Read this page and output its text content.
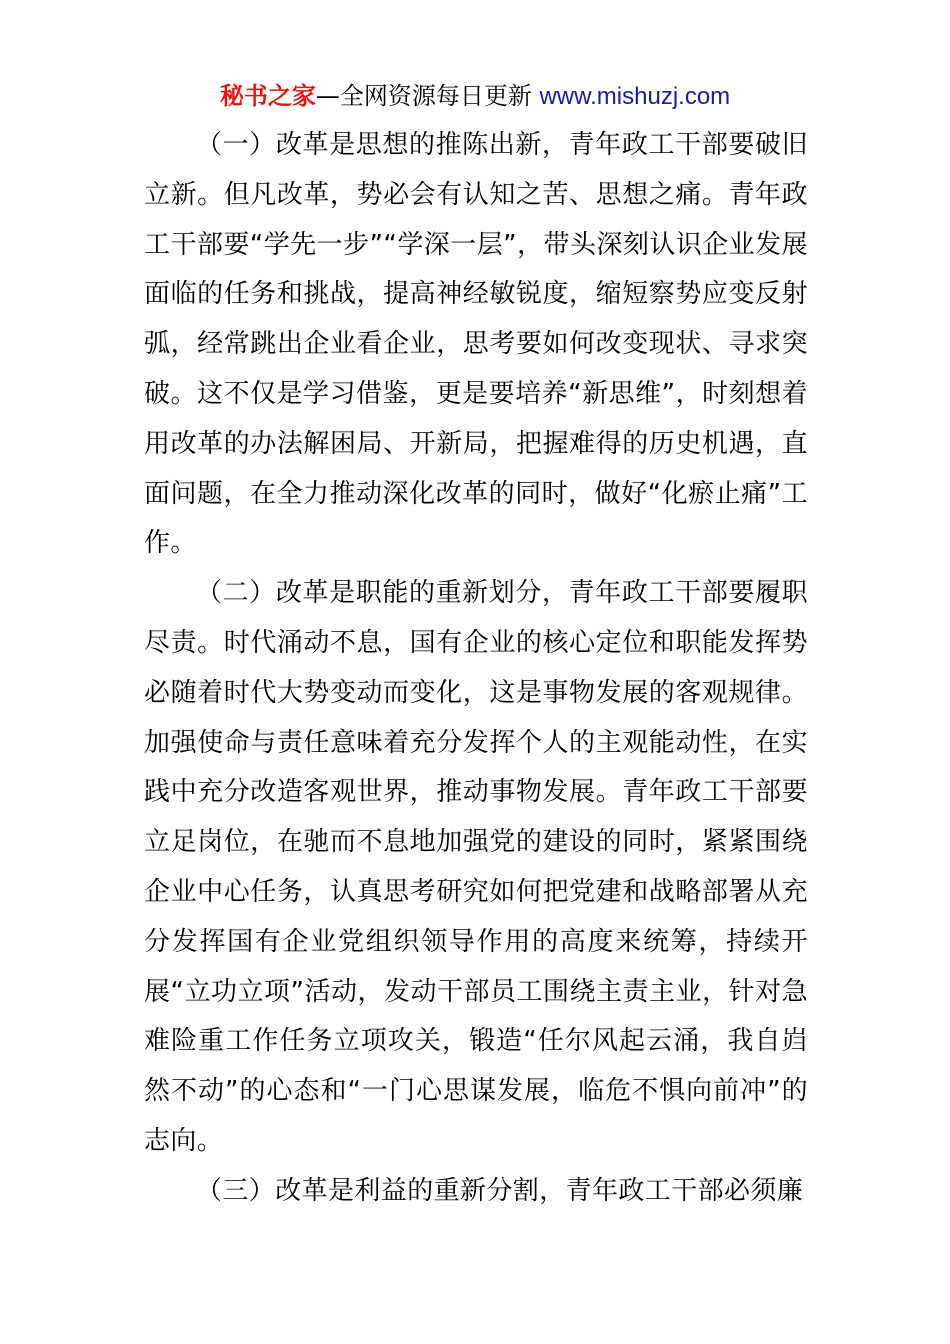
秘书之家—全网资源每日更新 www.mishuzj.com

（一）改革是思想的推陈出新，青年政工干部要破旧立新。但凡改革，势必会有认知之苦、思想之痛。青年政工干部要“学先一步”“学深一层”，带头深刻认识企业发展面临的任务和挑战，提高神经敏锐度，缩短察势应变反射弧，经常跳出企业看企业，思考要如何改变现状、寻求突破。这不仅是学习借鉴，更是要培养“新思维”，时刻想着用改革的办法解困局、开新局，把握难得的历史机遇，直面问题，在全力推动深化改革的同时，做好“化瘀止痛”工作。

（二）改革是职能的重新划分，青年政工干部要履职尽责。时代涌动不息，国有企业的核心定位和职能发挥势必随着时代大势变动而变化，这是事物发展的客观规律。加强使命与责任意味着充分发挥个人的主观能动性，在实践中充分改造客观世界，推动事物发展。青年政工干部要立足岗位，在驰而不息地加强党的建设的同时，紧紧围绕企业中心任务，认真思考研究如何把党建和战略部署从充分发挥国有企业党组织领导作用的高度来统筹，持续开展“立功立项”活动，发动干部员工围绕主责主业，针对急难险重工作任务立项攻关，锻造“任尔风起云涌，我自岿然不动”的心态和“一门心思谋发展，临危不惧向前冲”的志向。

（三）改革是利益的重新分割，青年政工干部必须廉
